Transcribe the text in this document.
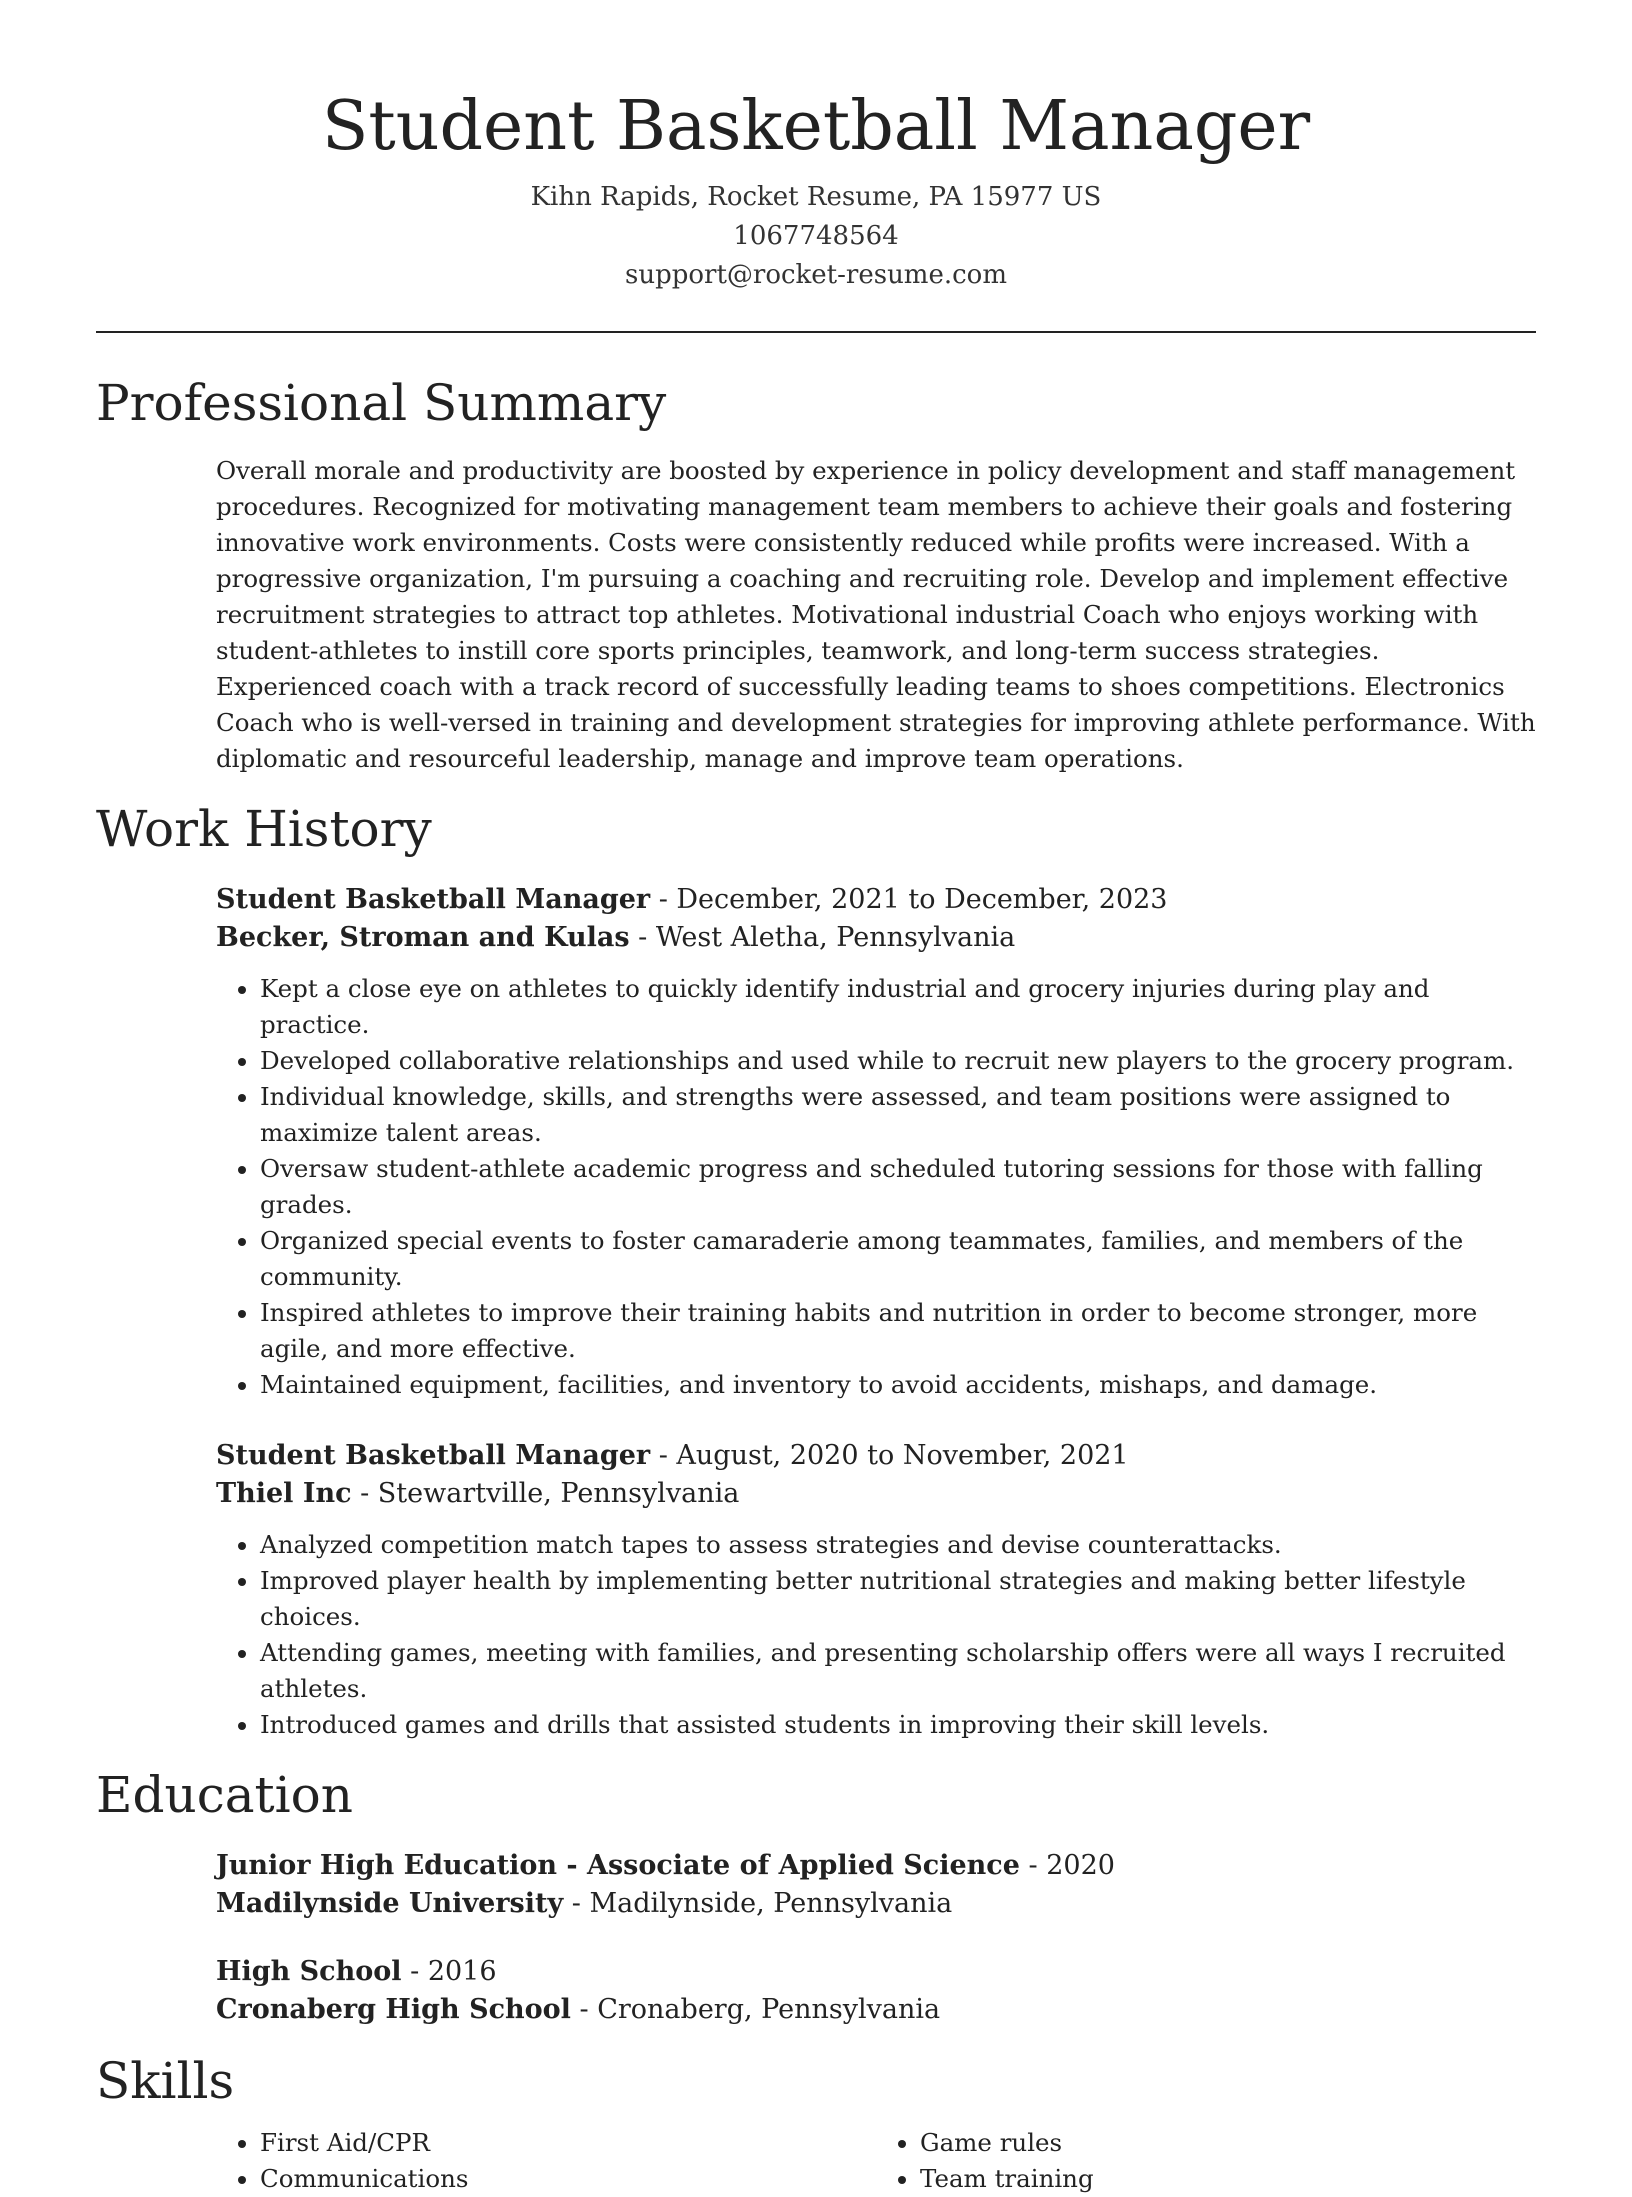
Student Basketball Manager
Kihn Rapids, Rocket Resume, PA 15977 US
1067748564
support@rocket-resume.com
Professional Summary
Overall morale and productivity are boosted by experience in policy development and staff management procedures. Recognized for motivating management team members to achieve their goals and fostering innovative work environments. Costs were consistently reduced while profits were increased. With a progressive organization, I'm pursuing a coaching and recruiting role. Develop and implement effective recruitment strategies to attract top athletes. Motivational industrial Coach who enjoys working with student-athletes to instill core sports principles, teamwork, and long-term success strategies. Experienced coach with a track record of successfully leading teams to shoes competitions. Electronics Coach who is well-versed in training and development strategies for improving athlete performance. With diplomatic and resourceful leadership, manage and improve team operations.
Work History
Student Basketball Manager - December, 2021 to December, 2023
Becker, Stroman and Kulas - West Aletha, Pennsylvania
• Kept a close eye on athletes to quickly identify industrial and grocery injuries during play and practice.
• Developed collaborative relationships and used while to recruit new players to the grocery program.
• Individual knowledge, skills, and strengths were assessed, and team positions were assigned to maximize talent areas.
• Oversaw student-athlete academic progress and scheduled tutoring sessions for those with falling grades.
• Organized special events to foster camaraderie among teammates, families, and members of the community.
• Inspired athletes to improve their training habits and nutrition in order to become stronger, more agile, and more effective.
• Maintained equipment, facilities, and inventory to avoid accidents, mishaps, and damage.
Student Basketball Manager - August, 2020 to November, 2021
Thiel Inc - Stewartville, Pennsylvania
• Analyzed competition match tapes to assess strategies and devise counterattacks.
• Improved player health by implementing better nutritional strategies and making better lifestyle choices.
• Attending games, meeting with families, and presenting scholarship offers were all ways I recruited athletes.
• Introduced games and drills that assisted students in improving their skill levels.
Education
Junior High Education - Associate of Applied Science - 2020
Madilynside University - Madilynside, Pennsylvania
High School - 2016
Cronaberg High School - Cronaberg, Pennsylvania
Skills
• First Aid/CPR
• Communications
• Game rules
• Team training
